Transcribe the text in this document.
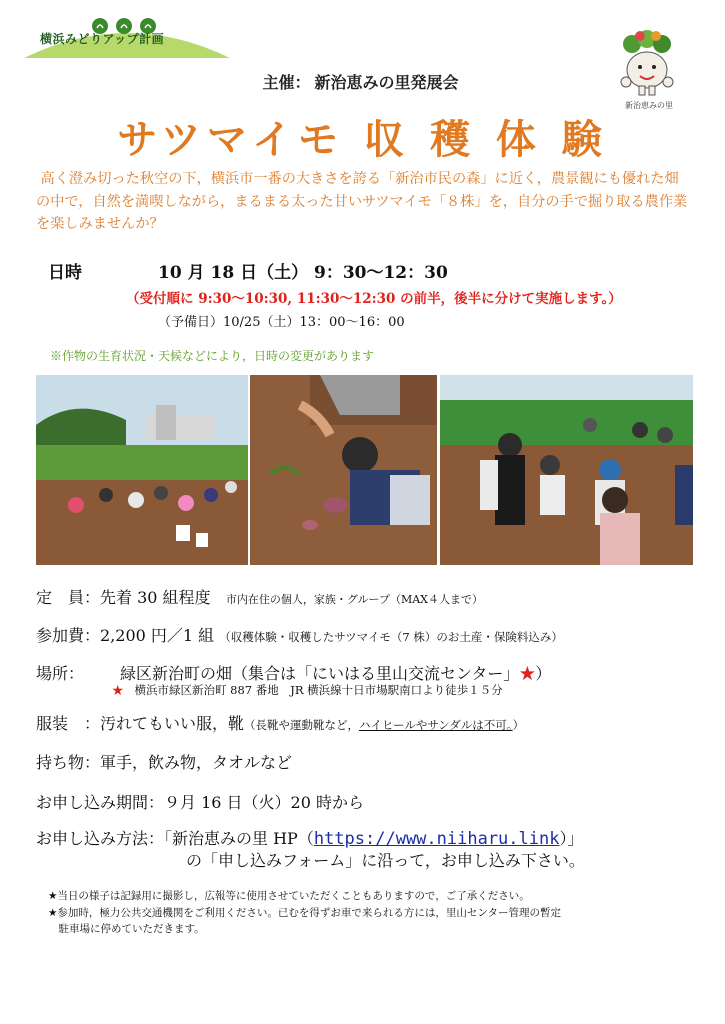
横浜みどりアップ計画
新治恵みの里
主催： 新治恵みの里発展会
サツマイモ 収 穫 体 験
高く澄み切った秋空の下，横浜市一番の大きさを誇る「新治市民の森」に近く，農景観にも優れた畑の中で，自然を満喫しながら，まるまる太った甘いサツマイモ「８株」を，自分の手で掘り取る農作業を楽しみませんか？
日時	10 月 18 日（土） 9：30〜12：30
（受付順に 9:30〜10:30, 11:30〜12:30 の前半，後半に分けて実施します。）
（予備日）10/25（土）13：00〜16：00
※作物の生育状況・天候などにより，日時の変更があります
定　員：先着 30 組程度 市内在住の個人，家族・グループ（MAX４人まで）
参加費：2,200 円／1 組 （収穫体験・収穫したサツマイモ（7 株）のお土産・保険料込み）
場所： 緑区新治町の畑（集合は「にいはる里山交流センター」★）
★ 横浜市緑区新治町 887 番地　JR 横浜線十日市場駅南口より徒歩１５分
服装　：汚れてもいい服，靴（長靴や運動靴など，ハイヒールやサンダルは不可。）
持ち物：軍手，飲み物，タオルなど
お申し込み期間：９月 16 日（火）20 時から
お申し込み方法：「新治恵みの里 HP（https://www.niiharu.link）」
の「申し込みフォーム」に沿って，お申し込み下さい。
★当日の様子は記録用に撮影し，広報等に使用させていただくこともありますので，ご了承ください。
★参加時，極力公共交通機関をご利用ください。已むを得ずお車で来られる方には，里山センター管理の暫定
　駐車場に停めていただきます。
